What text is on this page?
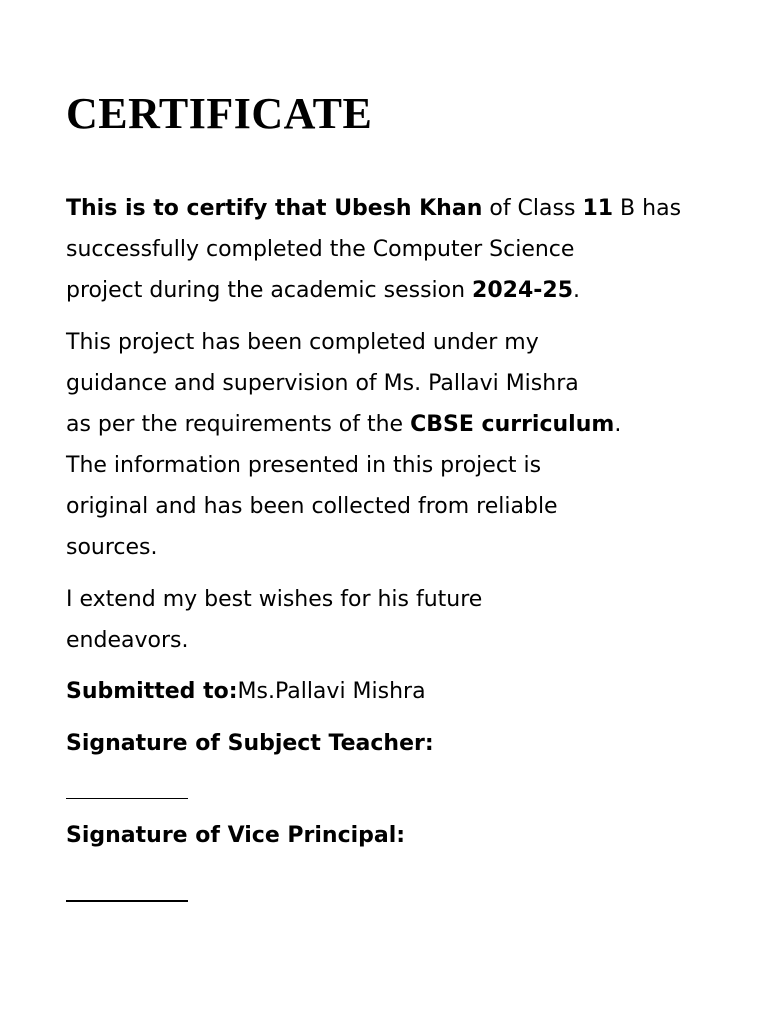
CERTIFICATE

This is to certify that Ubesh Khan of Class 11 B has
successfully completed the Computer Science
project during the academic session 2024-25.

This project has been completed under my
guidance and supervision of Ms. Pallavi Mishra
as per the requirements of the CBSE curriculum.
The information presented in this project is
original and has been collected from reliable
sources.

I extend my best wishes for his future
endeavors.

Submitted to:Ms.Pallavi Mishra

Signature of Subject Teacher:

Signature of Vice Principal:
